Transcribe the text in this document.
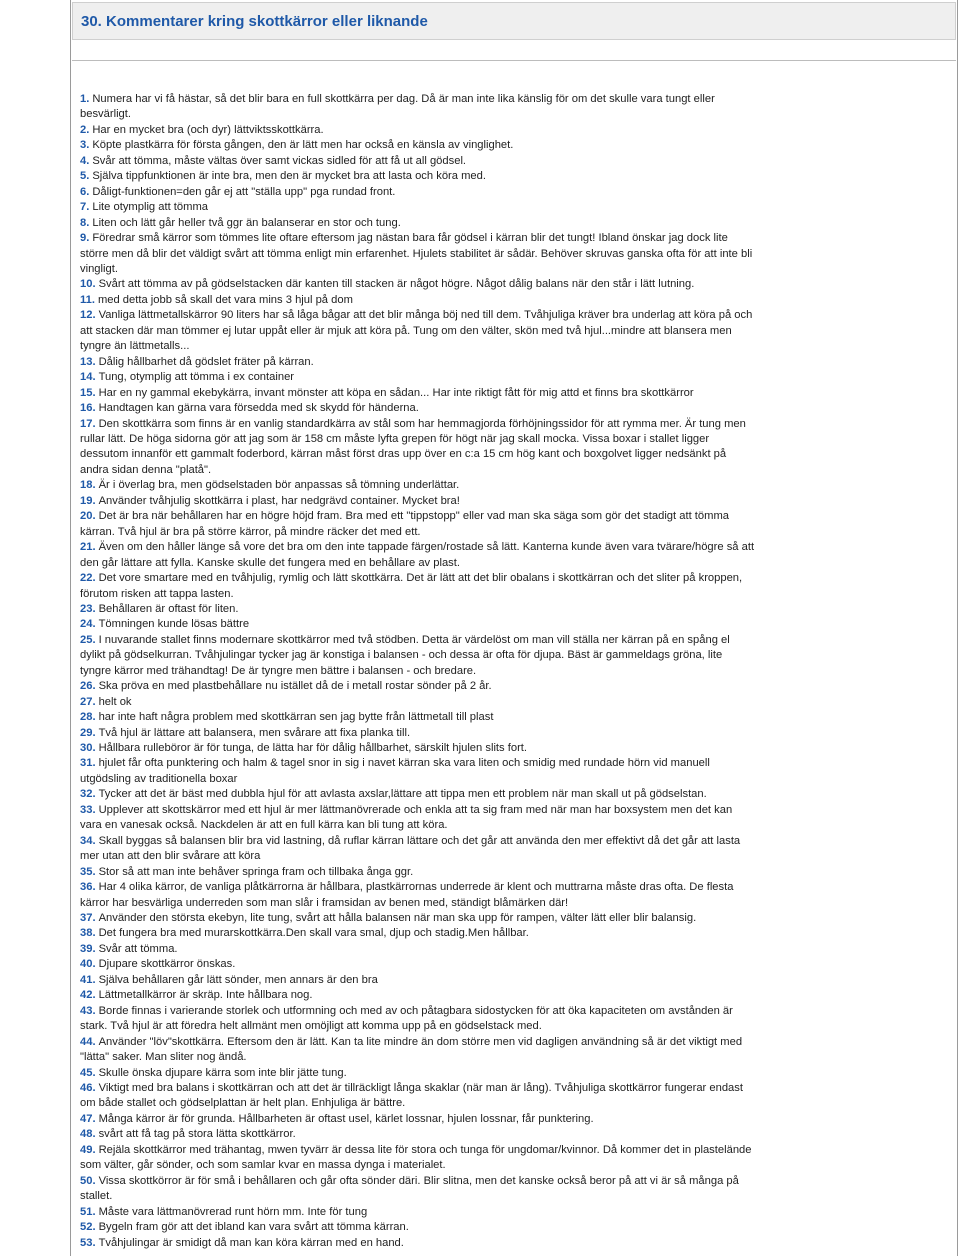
30. Kommentarer kring skottkärror eller liknande

1. Numera har vi få hästar, så det blir bara en full skottkärra per dag. Då är man inte lika känslig för om det skulle vara tungt eller besvärligt.

2. Har en mycket bra (och dyr) lättviktsskottkärra.

3. Köpte plastkärra för första gången, den är lätt men har också en känsla av vinglighet.

4. Svår att tömma, måste vältas över samt vickas sidled för att få ut all gödsel.

5. Själva tippfunktionen är inte bra, men den är mycket bra att lasta och köra med.

6. Dåligt-funktionen=den går ej att "ställa upp" pga rundad front.

7. Lite otymplig att tömma

8. Liten och lätt går heller två ggr än balanserar en stor och tung.

9. Föredrar små kärror som tömmes lite oftare eftersom jag nästan bara får gödsel i kärran blir det tungt! Ibland önskar jag dock lite större men då blir det väldigt svårt att tömma enligt min erfarenhet. Hjulets stabilitet är sådär. Behöver skruvas ganska ofta för att inte bli vingligt.

10. Svårt att tömma av på gödselstacken där kanten till stacken är något högre. Något dålig balans när den står i lätt lutning.

11. med detta jobb så skall det vara mins 3 hjul på dom

12. Vanliga lättmetallskärror 90 liters har så låga bågar att det blir många böj ned till dem. Tvåhjuliga kräver bra underlag att köra på och att stacken där man tömmer ej lutar uppåt eller är mjuk att köra på. Tung om den välter, skön med två hjul...mindre att blansera men tyngre än lättmetalls...

13. Dålig hållbarhet då gödslet fräter på kärran.

14. Tung, otymplig att tömma i ex container

15. Har en ny gammal ekebykärra, invant mönster att köpa en sådan... Har inte riktigt fått för mig attd et finns bra skottkärror

16. Handtagen kan gärna vara försedda med sk skydd för händerna.

17. Den skottkärra som finns är en vanlig standardkärra av stål som har hemmagjorda förhöjningssidor för att rymma mer. Är tung men rullar lätt. De höga sidorna gör att jag som är 158 cm måste lyfta grepen för högt när jag skall mocka. Vissa boxar i stallet ligger dessutom innanför ett gammalt foderbord, kärran måst först dras upp över en c:a 15 cm hög kant och boxgolvet ligger nedsänkt på andra sidan denna "platå".

18. Är i överlag bra, men gödselstaden bör anpassas så tömning underlättar.

19. Använder tvåhjulig skottkärra i plast, har nedgrävd container. Mycket bra!

20. Det är bra när behållaren har en högre höjd fram. Bra med ett "tippstopp" eller vad man ska säga som gör det stadigt att tömma kärran. Två hjul är bra på större kärror, på mindre räcker det med ett.

21. Även om den håller länge så vore det bra om den inte tappade färgen/rostade så lätt. Kanterna kunde även vara tvärare/högre så att den går lättare att fylla. Kanske skulle det fungera med en behållare av plast.

22. Det vore smartare med en tvåhjulig, rymlig och lätt skottkärra. Det är lätt att det blir obalans i skottkärran och det sliter på kroppen, förutom risken att tappa lasten.

23. Behållaren är oftast för liten.

24. Tömningen kunde lösas bättre

25. I nuvarande stallet finns modernare skottkärror med två stödben. Detta är värdelöst om man vill ställa ner kärran på en spång el dylikt på gödselkurran. Tvåhjulingar tycker jag är konstiga i balansen - och dessa är ofta för djupa. Bäst är gammeldags gröna, lite tyngre kärror med trähandtag! De är tyngre men bättre i balansen - och bredare.

26. Ska pröva en med plastbehållare nu istället då de i metall rostar sönder på 2 år.

27. helt ok

28. har inte haft några problem med skottkärran sen jag bytte från lättmetall till plast

29. Två hjul är lättare att balansera, men svårare att fixa planka till.

30. Hållbara rulleböror är för tunga, de lätta har för dålig hållbarhet, särskilt hjulen slits fort.

31. hjulet får ofta punktering och halm & tagel snor in sig i navet kärran ska vara liten och smidig med rundade hörn vid manuell utgödsling av traditionella boxar

32. Tycker att det är bäst med dubbla hjul för att avlasta axslar,lättare att tippa men ett problem när man skall ut på gödselstan.

33. Upplever att skottskärror med ett hjul är mer lättmanövrerade och enkla att ta sig fram med när man har boxsystem men det kan vara en vanesak också. Nackdelen är att en full kärra kan bli tung att köra.

34. Skall byggas så balansen blir bra vid lastning, då ruflar kärran lättare och det går att använda den mer effektivt då det går att lasta mer utan att den blir svårare att köra

35. Stor så att man inte behåver springa fram och tillbaka ånga ggr.

36. Har 4 olika kärror, de vanliga plåtkärrorna är hållbara, plastkärrornas underrede är klent och muttrarna måste dras ofta. De flesta kärror har besvärliga underreden som man slår i framsidan av benen med, ständigt blåmärken där!

37. Använder den största ekebyn, lite tung, svårt att hålla balansen när man ska upp för rampen, välter lätt eller blir balansig.

38. Det fungera bra med murarskottkärra.Den skall vara smal, djup och stadig.Men hållbar.

39. Svår att tömma.

40. Djupare skottkärror önskas.

41. Själva behållaren går lätt sönder, men annars är den bra

42. Lättmetallkärror är skräp. Inte hållbara nog.

43. Borde finnas i varierande storlek och utformning och med av och påtagbara sidostycken för att öka kapaciteten om avstånden är stark. Två hjul är att föredra helt allmänt men omöjligt att komma upp på en gödselstack med.

44. Använder "löv"skottkärra. Eftersom den är lätt. Kan ta lite mindre än dom större men vid dagligen användning så är det viktigt med "lätta" saker. Man sliter nog ändå.

45. Skulle önska djupare kärra som inte blir jätte tung.

46. Viktigt med bra balans i skottkärran och att det är tillräckligt långa skaklar (när man är lång). Tvåhjuliga skottkärror fungerar endast om både stallet och gödselplattan är helt plan. Enhjuliga är bättre.

47. Många kärror är för grunda. Hållbarheten är oftast usel, kärlet lossnar, hjulen lossnar, får punktering.

48. svårt att få tag på stora lätta skottkärror.

49. Rejäla skottkärror med trähantag, mwen tyvärr är dessa lite för stora och tunga för ungdomar/kvinnor. Då kommer det in plastelände som välter, går sönder, och som samlar kvar en massa dynga i materialet.

50. Vissa skottkörror är för små i behållaren och går ofta sönder däri. Blir slitna, men det kanske också beror på att vi är så många på stallet.

51. Måste vara lättmanövrerad runt hörn mm. Inte för tung

52. Bygeln fram gör att det ibland kan vara svårt att tömma kärran.

53. Tvåhjulingar är smidigt då man kan köra kärran med en hand.
